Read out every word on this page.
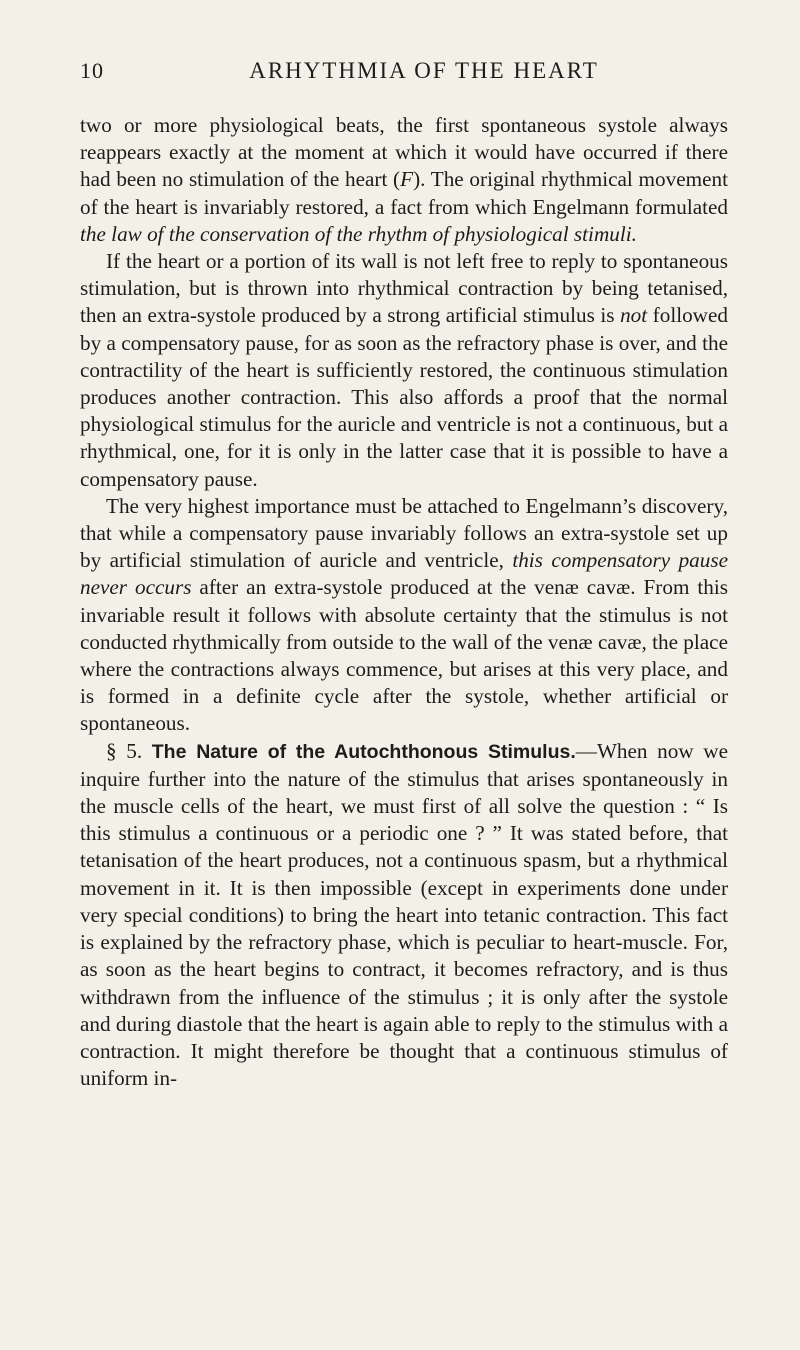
10	ARHYTHMIA OF THE HEART

two or more physiological beats, the first spontaneous systole always reappears exactly at the moment at which it would have occurred if there had been no stimulation of the heart (F). The original rhythmical movement of the heart is invariably restored, a fact from which Engelmann formulated the law of the conservation of the rhythm of physiological stimuli.

If the heart or a portion of its wall is not left free to reply to spontaneous stimulation, but is thrown into rhythmical contraction by being tetanised, then an extra-systole produced by a strong artificial stimulus is not followed by a compensatory pause, for as soon as the refractory phase is over, and the contractility of the heart is sufficiently restored, the continuous stimulation produces another contraction. This also affords a proof that the normal physiological stimulus for the auricle and ventricle is not a continuous, but a rhythmical, one, for it is only in the latter case that it is possible to have a compensatory pause.

The very highest importance must be attached to Engelmann’s discovery, that while a compensatory pause invariably follows an extra-systole set up by artificial stimulation of auricle and ventricle, this compensatory pause never occurs after an extra-systole produced at the venæ cavæ. From this invariable result it follows with absolute certainty that the stimulus is not conducted rhythmically from outside to the wall of the venæ cavæ, the place where the contractions always commence, but arises at this very place, and is formed in a definite cycle after the systole, whether artificial or spontaneous.

§ 5. The Nature of the Autochthonous Stimulus.—When now we inquire further into the nature of the stimulus that arises spontaneously in the muscle cells of the heart, we must first of all solve the question : “ Is this stimulus a continuous or a periodic one ? ” It was stated before, that tetanisation of the heart produces, not a continuous spasm, but a rhythmical movement in it. It is then impossible (except in experiments done under very special conditions) to bring the heart into tetanic contraction. This fact is explained by the refractory phase, which is peculiar to heart-muscle. For, as soon as the heart begins to contract, it becomes refractory, and is thus withdrawn from the influence of the stimulus ; it is only after the systole and during diastole that the heart is again able to reply to the stimulus with a contraction. It might therefore be thought that a continuous stimulus of uniform in-
